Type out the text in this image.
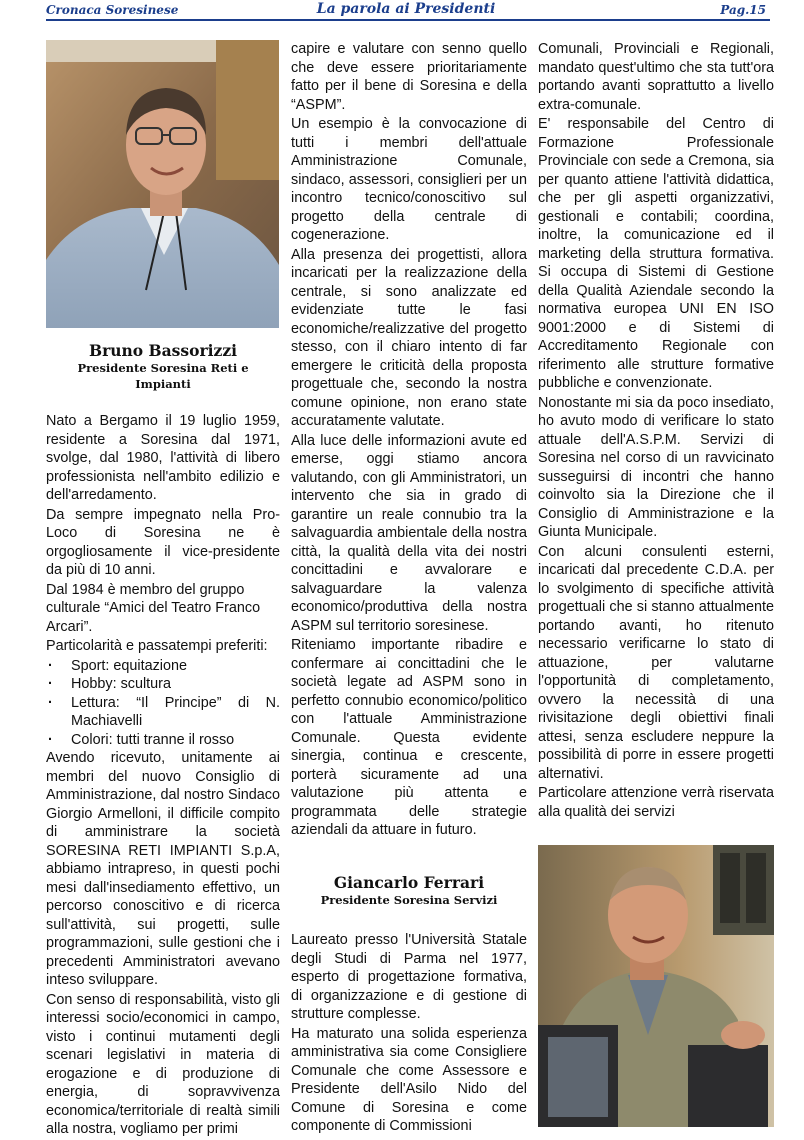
Cronaca Soresinese	La parola ai Presidenti	Pag.15
Bruno Bassorizzi
Presidente Soresina Reti e Impianti

Nato a Bergamo il 19 luglio 1959, residente a Soresina dal 1971, svolge, dal 1980, l'attività di libero professionista nell'ambito edilizio e dell'arredamento.

Da sempre impegnato nella Pro-Loco di Soresina ne è orgogliosamente il vice-presidente da più di 10 anni.

Dal 1984 è membro del gruppo culturale “Amici del Teatro Franco Arcari”.

Particolarità e passatempi preferiti:

· Sport: equitazione
· Hobby: scultura
· Lettura: “Il Principe” di N. Machiavelli
· Colori: tutti tranne il rosso

Avendo ricevuto, unitamente ai membri del nuovo Consiglio di Amministrazione, dal nostro Sindaco Giorgio Armelloni, il difficile compito di amministrare la società SORESINA RETI IMPIANTI S.p.A, abbiamo intrapreso, in questi pochi mesi dall'insediamento effettivo, un percorso conoscitivo e di ricerca sull'attività, sui progetti, sulle programmazioni, sulle gestioni che i precedenti Amministratori avevano inteso sviluppare.

Con senso di responsabilità, visto gli interessi socio/economici in campo, visto i continui mutamenti degli scenari legislativi in materia di erogazione e di produzione di energia, di sopravvivenza economica/territoriale di realtà simili alla nostra, vogliamo per primi

capire e valutare con senno quello che deve essere prioritariamente fatto per il bene di Soresina e della “ASPM”.

Un esempio è la convocazione di tutti i membri dell'attuale Amministrazione Comunale, sindaco, assessori, consiglieri per un incontro tecnico/conoscitivo sul progetto della centrale di cogenerazione.

Alla presenza dei progettisti, allora incaricati per la realizzazione della centrale, si sono analizzate ed evidenziate tutte le fasi economiche/realizzative del progetto stesso, con il chiaro intento di far emergere le criticità della proposta progettuale che, secondo la nostra comune opinione, non erano state accuratamente valutate.

Alla luce delle informazioni avute ed emerse, oggi stiamo ancora valutando, con gli Amministratori, un intervento che sia in grado di garantire un reale connubio tra la salvaguardia ambientale della nostra città, la qualità della vita dei nostri concittadini e avvalorare e salvaguardare la valenza economico/produttiva della nostra ASPM sul territorio soresinese.

Riteniamo importante ribadire e confermare ai concittadini che le società legate ad ASPM sono in perfetto connubio economico/politico con l'attuale Amministrazione Comunale. Questa evidente sinergia, continua e crescente, porterà sicuramente ad una valutazione più attenta e programmata delle strategie aziendali da attuare in futuro.

Giancarlo Ferrari
Presidente Soresina Servizi

Laureato presso l'Università Statale degli Studi di Parma nel 1977, esperto di progettazione formativa, di organizzazione e di gestione di strutture complesse.

Ha maturato una solida esperienza amministrativa sia come Consigliere Comunale che come Assessore e Presidente dell'Asilo Nido del Comune di Soresina e come componente di Commissioni

Comunali, Provinciali e Regionali, mandato quest'ultimo che sta tutt'ora portando avanti soprattutto a livello extra-comunale.

E' responsabile del Centro di Formazione Professionale Provinciale con sede a Cremona, sia per quanto attiene l'attività didattica, che per gli aspetti organizzativi, gestionali e contabili; coordina, inoltre, la comunicazione ed il marketing della struttura formativa. Si occupa di Sistemi di Gestione della Qualità Aziendale secondo la normativa europea UNI EN ISO 9001:2000 e di Sistemi di Accreditamento Regionale con riferimento alle strutture formative pubbliche e convenzionate.

Nonostante mi sia da poco insediato, ho avuto modo di verificare lo stato attuale dell'A.S.P.M. Servizi di Soresina nel corso di un ravvicinato susseguirsi di incontri che hanno coinvolto sia la Direzione che il Consiglio di Amministrazione e la Giunta Municipale.

Con alcuni consulenti esterni, incaricati dal precedente C.D.A. per lo svolgimento di specifiche attività progettuali che si stanno attualmente portando avanti, ho ritenuto necessario verificarne lo stato di attuazione, per valutarne l'opportunità di completamento, ovvero la necessità di una rivisitazione degli obiettivi finali attesi, senza escludere neppure la possibilità di porre in essere progetti alternativi.

Particolare attenzione verrà riservata alla qualità dei servizi
